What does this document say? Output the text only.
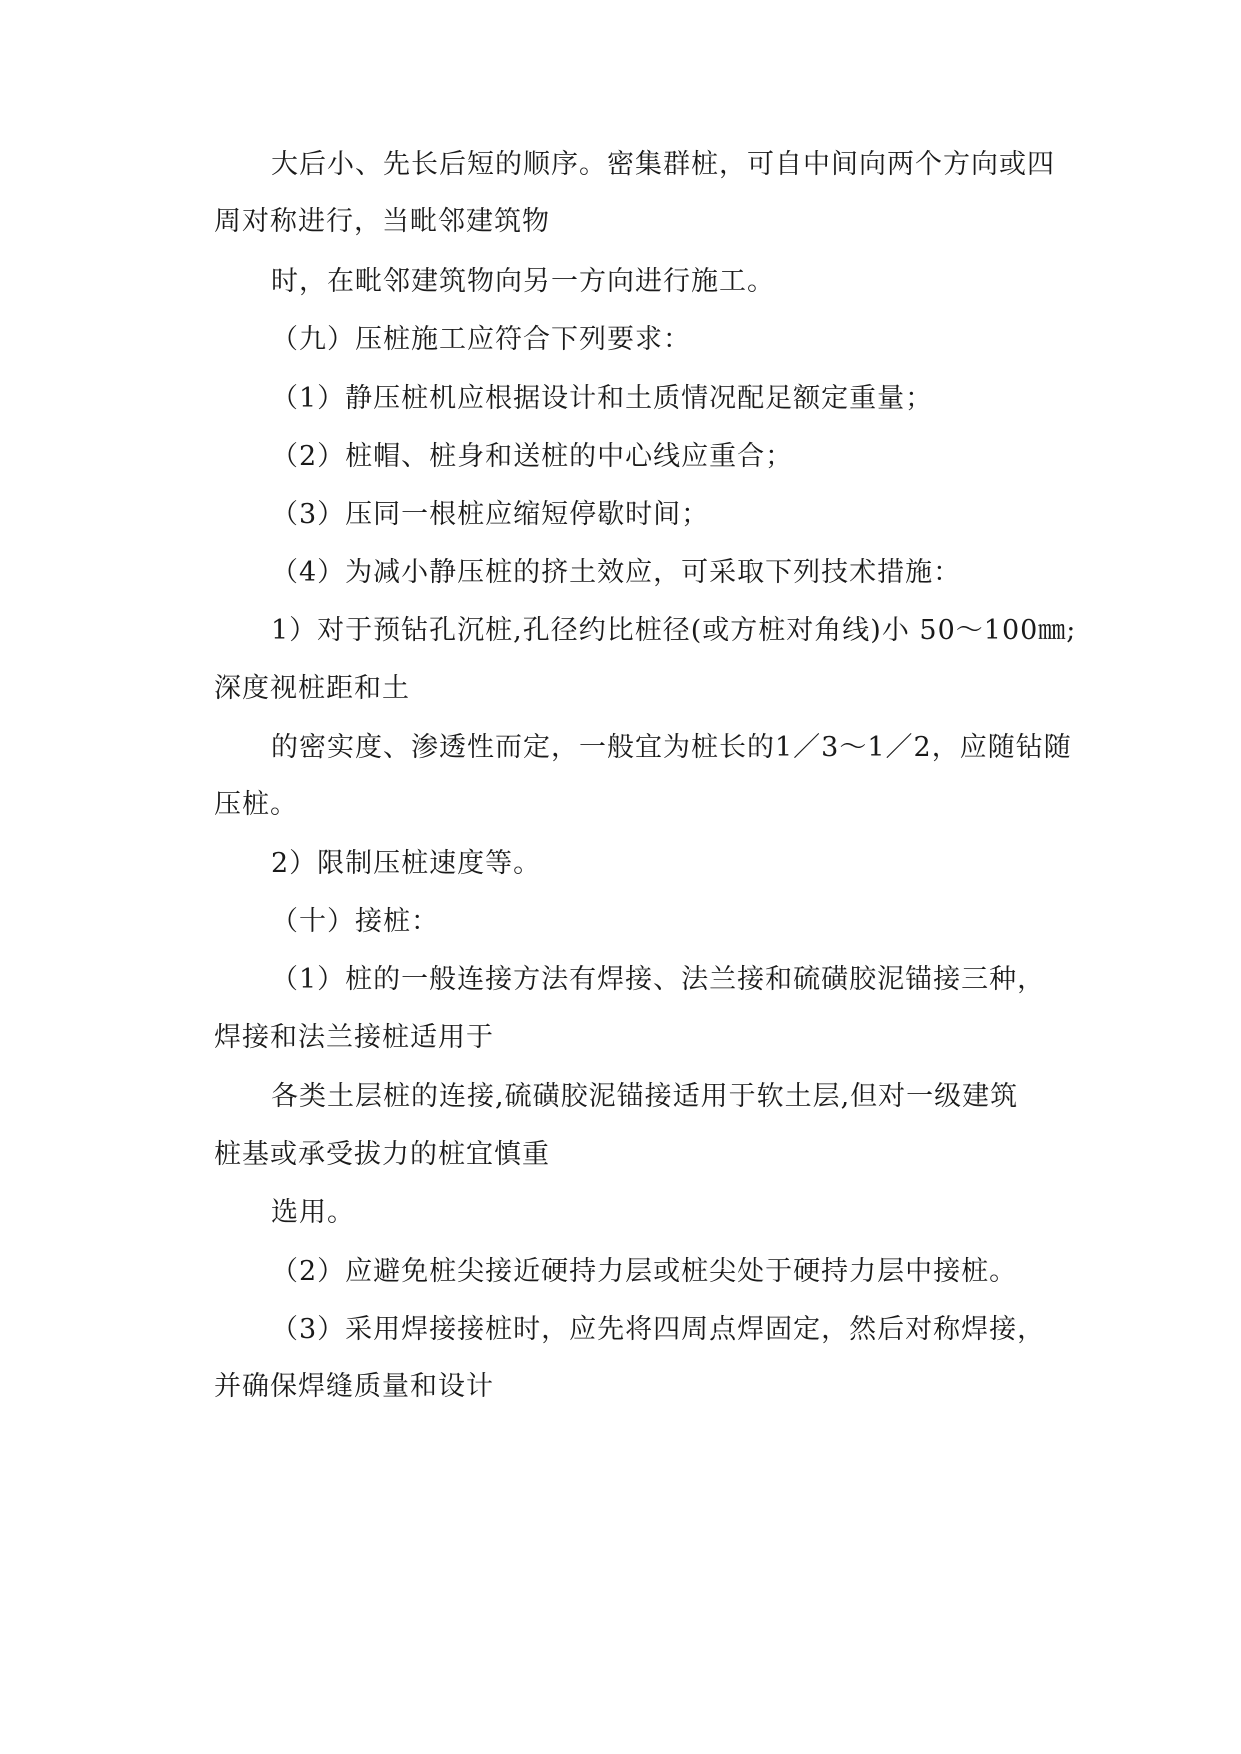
大后小、先长后短的顺序。密集群桩，可自中间向两个方向或四
周对称进行，当毗邻建筑物
时，在毗邻建筑物向另一方向进行施工。
（九）压桩施工应符合下列要求：
（1）静压桩机应根据设计和土质情况配足额定重量；
（2）桩帽、桩身和送桩的中心线应重合；
（3）压同一根桩应缩短停歇时间；
（4）为减小静压桩的挤土效应，可采取下列技术措施：
1）对于预钻孔沉桩,孔径约比桩径(或方桩对角线)小 50～100㎜;
深度视桩距和土
的密实度、渗透性而定，一般宜为桩长的1／3～1／2，应随钻随
压桩。
2）限制压桩速度等。
（十）接桩：
（1）桩的一般连接方法有焊接、法兰接和硫磺胶泥锚接三种，
焊接和法兰接桩适用于
各类土层桩的连接,硫磺胶泥锚接适用于软土层,但对一级建筑
桩基或承受拔力的桩宜慎重
选用。
（2）应避免桩尖接近硬持力层或桩尖处于硬持力层中接桩。
（3）采用焊接接桩时，应先将四周点焊固定，然后对称焊接，
并确保焊缝质量和设计
